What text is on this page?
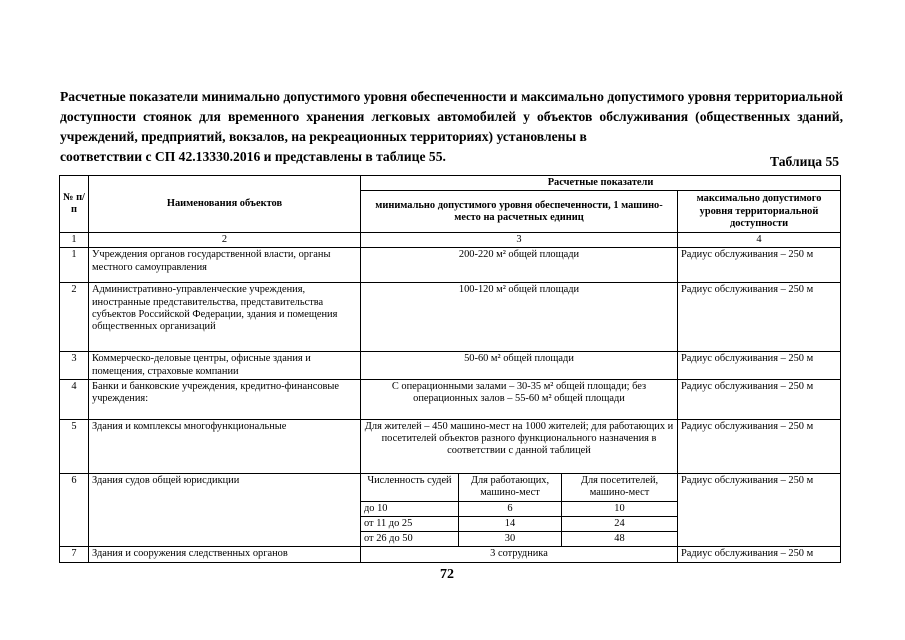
Расчетные показатели минимально допустимого уровня обеспеченности и максимально допустимого уровня территориальной доступности стоянок для временного хранения легковых автомобилей у объектов обслуживания (общественных зданий, учреждений, предприятий, вокзалов, на рекреационных территориях) установлены в
соответствии с СП 42.13330.2016 и представлены в таблице 55.	Таблица 55
№ п/п	Наименования объектов	Расчетные показатели			
		минимально допустимого уровня обеспеченности, 1 машино-место на расчетных единиц			максимально допустимого уровня территориальной доступности
1	2	3			4
1	Учреждения органов государственной власти, органы местного самоуправления	200-220 м² общей площади			Радиус обслуживания – 250 м
2	Административно-управленческие учреждения, иностранные представительства, представительства субъектов Российской Федерации, здания и помещения общественных организаций	100-120 м² общей площади			Радиус обслуживания – 250 м
3	Коммерческо-деловые центры, офисные здания и помещения, страховые компании	50-60 м² общей площади			Радиус обслуживания – 250 м
4	Банки и банковские учреждения, кредитно-финансовые учреждения:	С операционными залами – 30-35 м² общей площади; без операционных залов – 55-60 м² общей площади			Радиус обслуживания – 250 м
5	Здания и комплексы многофункциональные	Для жителей – 450 машино-мест на 1000 жителей; для работающих и посетителей объектов разного функционального назначения в соответствии с данной таблицей			Радиус обслуживания – 250 м
6	Здания судов общей юрисдикции	Численность судей	Для работающих, машино-мест	Для посетителей, машино-мест	Радиус обслуживания – 250 м
		до 10	6	10	
		от 11 до 25	14	24	
		от 26 до 50	30	48	
7	Здания и сооружения следственных органов	3 сотрудника			Радиус обслуживания – 250 м
72
